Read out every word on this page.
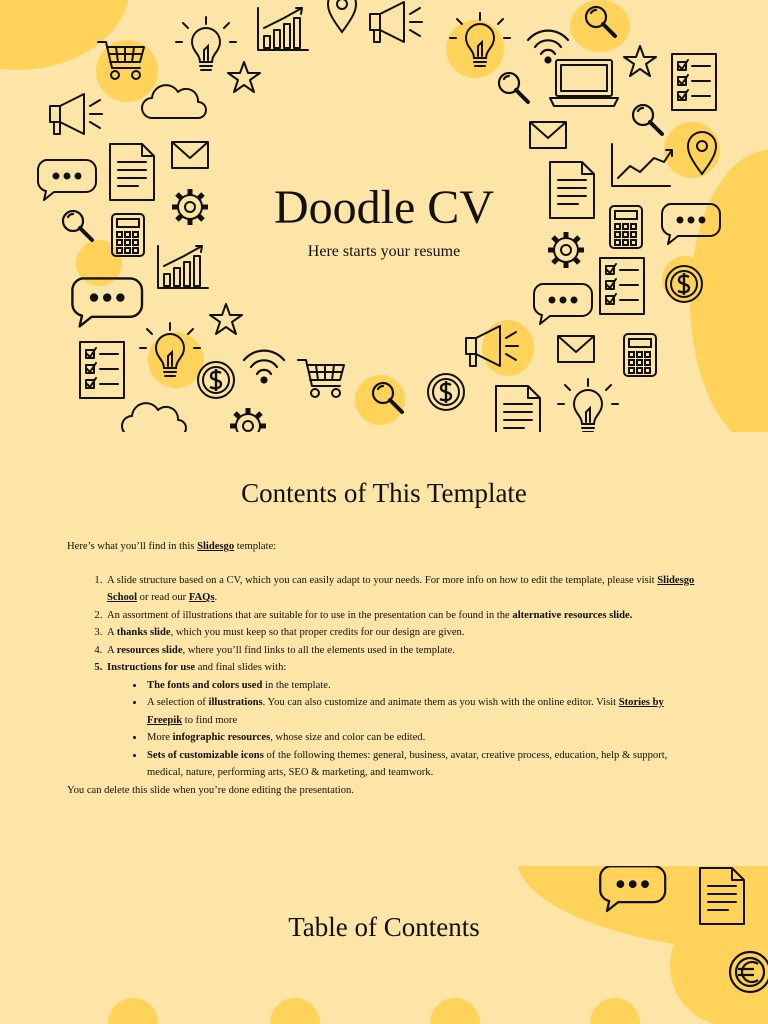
Doodle CV
Here starts your resume
Contents of This Template

Here’s what you’ll find in this Slidesgo template:

1. A slide structure based on a CV, which you can easily adapt to your needs. For more info on how to edit the template, please visit Slidesgo School or read our FAQs.
2. An assortment of illustrations that are suitable for to use in the presentation can be found in the alternative resources slide.
3. A thanks slide, which you must keep so that proper credits for our design are given.
4. A resources slide, where you’ll find links to all the elements used in the template.
5. Instructions for use and final slides with:
• The fonts and colors used in the template.
• A selection of illustrations. You can also customize and animate them as you wish with the online editor. Visit Stories by Freepik to find more
• More infographic resources, whose size and color can be edited.
• Sets of customizable icons of the following themes: general, business, avatar, creative process, education, help & support, medical, nature, performing arts, SEO & marketing, and teamwork.

You can delete this slide when you’re done editing the presentation.

Table of Contents
